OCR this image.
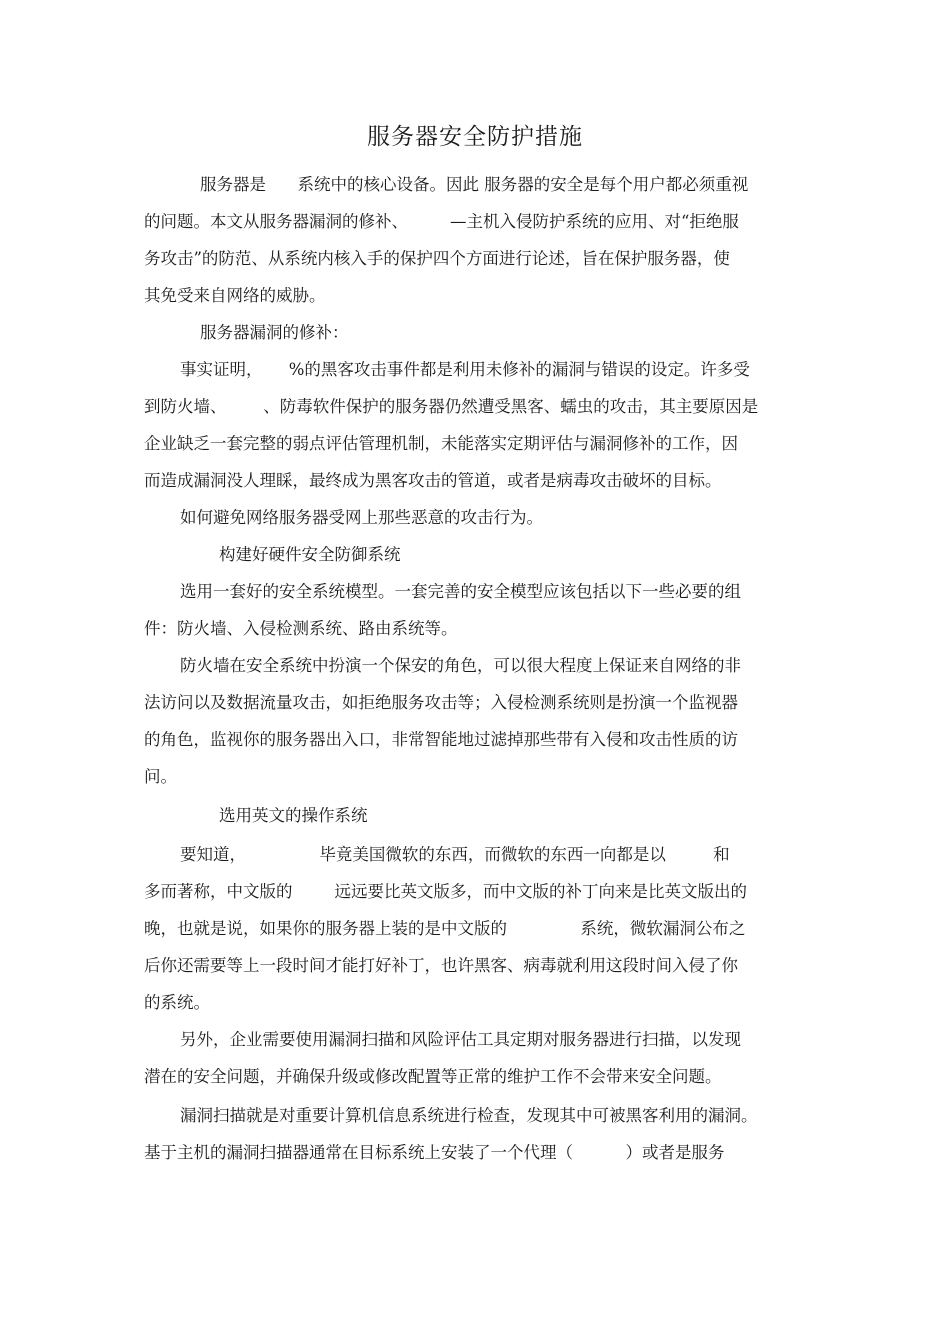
服务器安全防护措施
服务器是      系统中的核心设备。因此 服务器的安全是每个用户都必须重视
的问题。本文从服务器漏洞的修补、        —主机入侵防护系统的应用、对“拒绝服
务攻击”的防范、从系统内核入手的保护四个方面进行论述，旨在保护服务器，使
其免受来自网络的威胁。
服务器漏洞的修补：
事实证明，     %的黑客攻击事件都是利用未修补的漏洞与错误的设定。许多受
到防火墙、       、防毒软件保护的服务器仍然遭受黑客、蠕虫的攻击，其主要原因是
企业缺乏一套完整的弱点评估管理机制，未能落实定期评估与漏洞修补的工作，因
而造成漏洞没人理睬，最终成为黑客攻击的管道，或者是病毒攻击破坏的目标。
如何避免网络服务器受网上那些恶意的攻击行为。
构建好硬件安全防御系统
选用一套好的安全系统模型。一套完善的安全模型应该包括以下一些必要的组
件：防火墙、入侵检测系统、路由系统等。
防火墙在安全系统中扮演一个保安的角色，可以很大程度上保证来自网络的非
法访问以及数据流量攻击，如拒绝服务攻击等；入侵检测系统则是扮演一个监视器
的角色，监视你的服务器出入口，非常智能地过滤掉那些带有入侵和攻击性质的访
问。
选用英文的操作系统
要知道，              毕竟美国微软的东西，而微软的东西一向都是以         和
多而著称，中文版的        远远要比英文版多，而中文版的补丁向来是比英文版出的
晚，也就是说，如果你的服务器上装的是中文版的              系统，微软漏洞公布之
后你还需要等上一段时间才能打好补丁，也许黑客、病毒就利用这段时间入侵了你
的系统。
另外，企业需要使用漏洞扫描和风险评估工具定期对服务器进行扫描，以发现
潜在的安全问题，并确保升级或修改配置等正常的维护工作不会带来安全问题。
漏洞扫描就是对重要计算机信息系统进行检查，发现其中可被黑客利用的漏洞。
基于主机的漏洞扫描器通常在目标系统上安装了一个代理（          ）或者是服务
